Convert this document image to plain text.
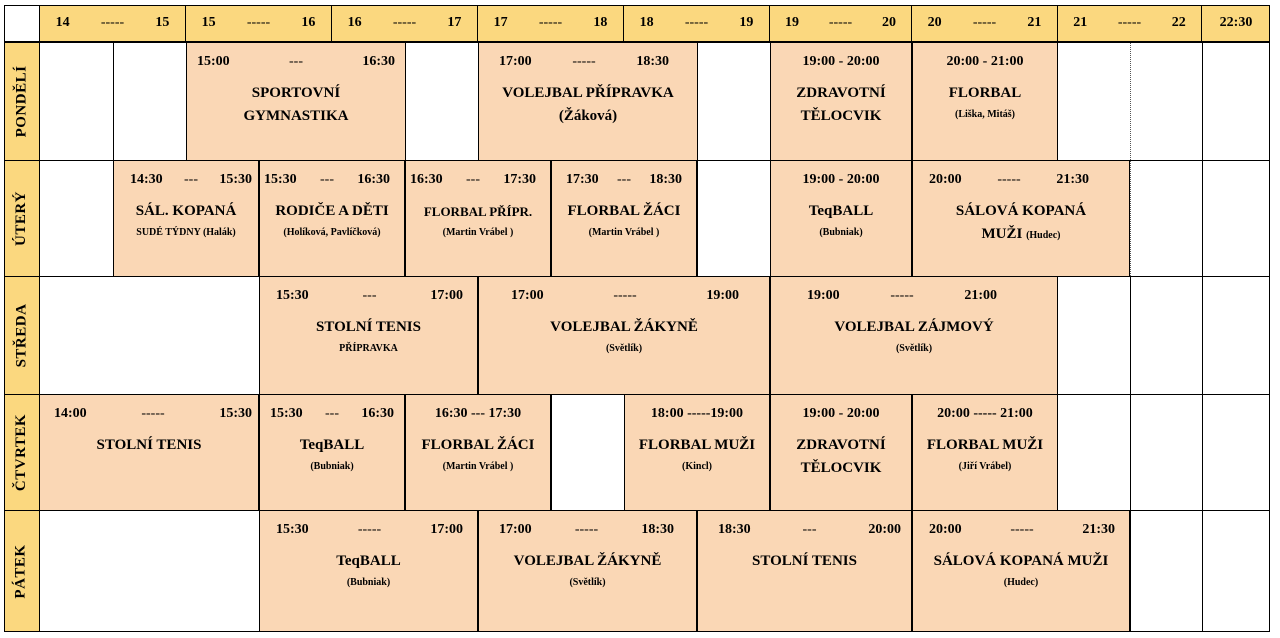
14 ----- 15 15 ----- 16 16 ----- 17 17 ----- 18 18 ----- 19 19 ----- 20 20 ----- 21 21 ----- 22 22:30
PONDĚLÍ
15:00	---	16:30
SPORTOVNÍ
GYMNASTIKA
17:00	-----	18:30
VOLEJBAL PŘÍPRAVKA
(Žáková)
19:00 - 20:00
ZDRAVOTNÍ
TĚLOCVIK
20:00 - 21:00
FLORBAL
(Liška, Mitáš)
ÚTERÝ
14:30 --- 15:30
SÁL. KOPANÁ
SUDÉ TÝDNY (Halák)
15:30 --- 16:30
RODIČE A DĚTI
(Holíková, Pavlíčková)
16:30 --- 17:30
FLORBAL PŘÍPR.
(Martin Vrábel )
17:30 --- 18:30
FLORBAL ŽÁCI
(Martin Vrábel )
19:00 - 20:00
TeqBALL
(Bubniak)
20:00	-----	21:30
SÁLOVÁ KOPANÁ
MUŽI (Hudec)
STŘEDA
15:30	---	17:00
STOLNÍ TENIS
PŘÍPRAVKA
17:00	-----	19:00
VOLEJBAL ŽÁKYNĚ
(Světlík)
19:00	-----	21:00
VOLEJBAL ZÁJMOVÝ
(Světlík)
ČTVRTEK
14:00	-----	15:30
STOLNÍ TENIS
15:30 --- 16:30
TeqBALL
(Bubniak)
16:30 --- 17:30
FLORBAL ŽÁCI
(Martin Vrábel )
18:00 -----19:00
FLORBAL MUŽI
(Kincl)
19:00 - 20:00
ZDRAVOTNÍ
TĚLOCVIK
20:00 ----- 21:00
FLORBAL MUŽI
(Jiří Vrábel)
PÁTEK
15:30	-----	17:00
TeqBALL
(Bubniak)
17:00	-----	18:30
VOLEJBAL ŽÁKYNĚ
(Světlík)
18:30	---	20:00
STOLNÍ TENIS
20:00	-----	21:30
SÁLOVÁ KOPANÁ MUŽI
(Hudec)
